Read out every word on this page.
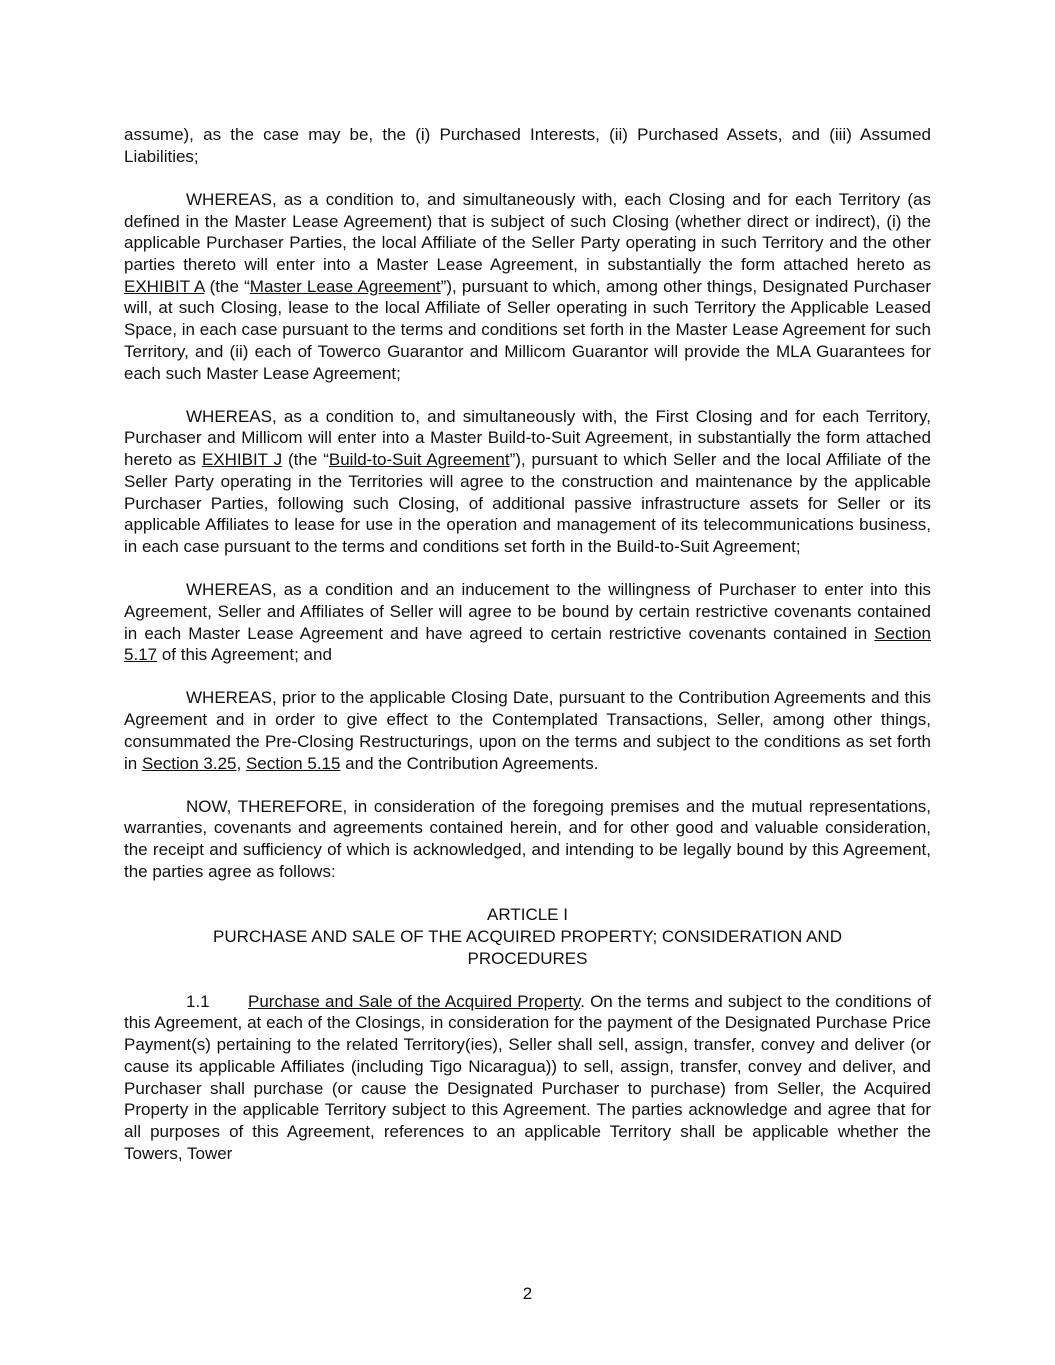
assume), as the case may be, the (i) Purchased Interests, (ii) Purchased Assets, and (iii) Assumed Liabilities;

WHEREAS, as a condition to, and simultaneously with, each Closing and for each Territory (as defined in the Master Lease Agreement) that is subject of such Closing (whether direct or indirect), (i) the applicable Purchaser Parties, the local Affiliate of the Seller Party operating in such Territory and the other parties thereto will enter into a Master Lease Agreement, in substantially the form attached hereto as EXHIBIT A (the “Master Lease Agreement”), pursuant to which, among other things, Designated Purchaser will, at such Closing, lease to the local Affiliate of Seller operating in such Territory the Applicable Leased Space, in each case pursuant to the terms and conditions set forth in the Master Lease Agreement for such Territory, and (ii) each of Towerco Guarantor and Millicom Guarantor will provide the MLA Guarantees for each such Master Lease Agreement;

WHEREAS, as a condition to, and simultaneously with, the First Closing and for each Territory, Purchaser and Millicom will enter into a Master Build-to-Suit Agreement, in substantially the form attached hereto as EXHIBIT J (the “Build-to-Suit Agreement”), pursuant to which Seller and the local Affiliate of the Seller Party operating in the Territories will agree to the construction and maintenance by the applicable Purchaser Parties, following such Closing, of additional passive infrastructure assets for Seller or its applicable Affiliates to lease for use in the operation and management of its telecommunications business, in each case pursuant to the terms and conditions set forth in the Build-to-Suit Agreement;

WHEREAS, as a condition and an inducement to the willingness of Purchaser to enter into this Agreement, Seller and Affiliates of Seller will agree to be bound by certain restrictive covenants contained in each Master Lease Agreement and have agreed to certain restrictive covenants contained in Section 5.17 of this Agreement; and

WHEREAS, prior to the applicable Closing Date, pursuant to the Contribution Agreements and this Agreement and in order to give effect to the Contemplated Transactions, Seller, among other things, consummated the Pre-Closing Restructurings, upon on the terms and subject to the conditions as set forth in Section 3.25, Section 5.15 and the Contribution Agreements.

NOW, THEREFORE, in consideration of the foregoing premises and the mutual representations, warranties, covenants and agreements contained herein, and for other good and valuable consideration, the receipt and sufficiency of which is acknowledged, and intending to be legally bound by this Agreement, the parties agree as follows:

ARTICLE I
PURCHASE AND SALE OF THE ACQUIRED PROPERTY; CONSIDERATION AND
PROCEDURES

1.1 Purchase and Sale of the Acquired Property. On the terms and subject to the conditions of this Agreement, at each of the Closings, in consideration for the payment of the Designated Purchase Price Payment(s) pertaining to the related Territory(ies), Seller shall sell, assign, transfer, convey and deliver (or cause its applicable Affiliates (including Tigo Nicaragua)) to sell, assign, transfer, convey and deliver, and Purchaser shall purchase (or cause the Designated Purchaser to purchase) from Seller, the Acquired Property in the applicable Territory subject to this Agreement. The parties acknowledge and agree that for all purposes of this Agreement, references to an applicable Territory shall be applicable whether the Towers, Tower

2
